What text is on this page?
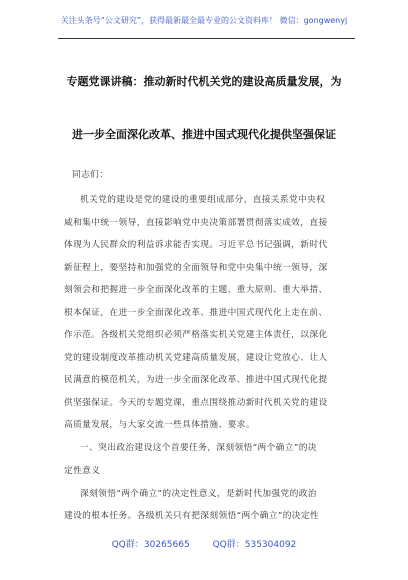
关注头条号“公文研究”，获得最新最全最专业的公文资料库！ 微信：gongwenyj
专题党课讲稿：推动新时代机关党的建设高质量发展，为
进一步全面深化改革、推进中国式现代化提供坚强保证
同志们：
机关党的建设是党的建设的重要组成部分，直接关系党中央权
威和集中统一领导，直接影响党中央决策部署贯彻落实成效，直接
体现为人民群众的利益诉求能否实现。习近平总书记强调，新时代
新征程上，要坚持和加强党的全面领导和党中央集中统一领导，深
刻领会和把握进一步全面深化改革的主题、重大原则、重大举措、
根本保证，在进一步全面深化改革、推进中国式现代化上走在前、
作示范。各级机关党组织必须严格落实机关党建主体责任，以深化
党的建设制度改革推动机关党建高质量发展，建设让党放心、让人
民满意的模范机关，为进一步全面深化改革、推进中国式现代化提
供坚强保证。今天的专题党课，重点围绕推动新时代机关党的建设
高质量发展，与大家交流一些具体措施、要求。
一、突出政治建设这个首要任务，深刻领悟“两个确立”的决
定性意义
深刻领悟“两个确立”的决定性意义，是新时代加强党的政治
建设的根本任务。各级机关只有把深刻领悟“两个确立”的决定性
QQ群：30265665	QQ群：535304092
